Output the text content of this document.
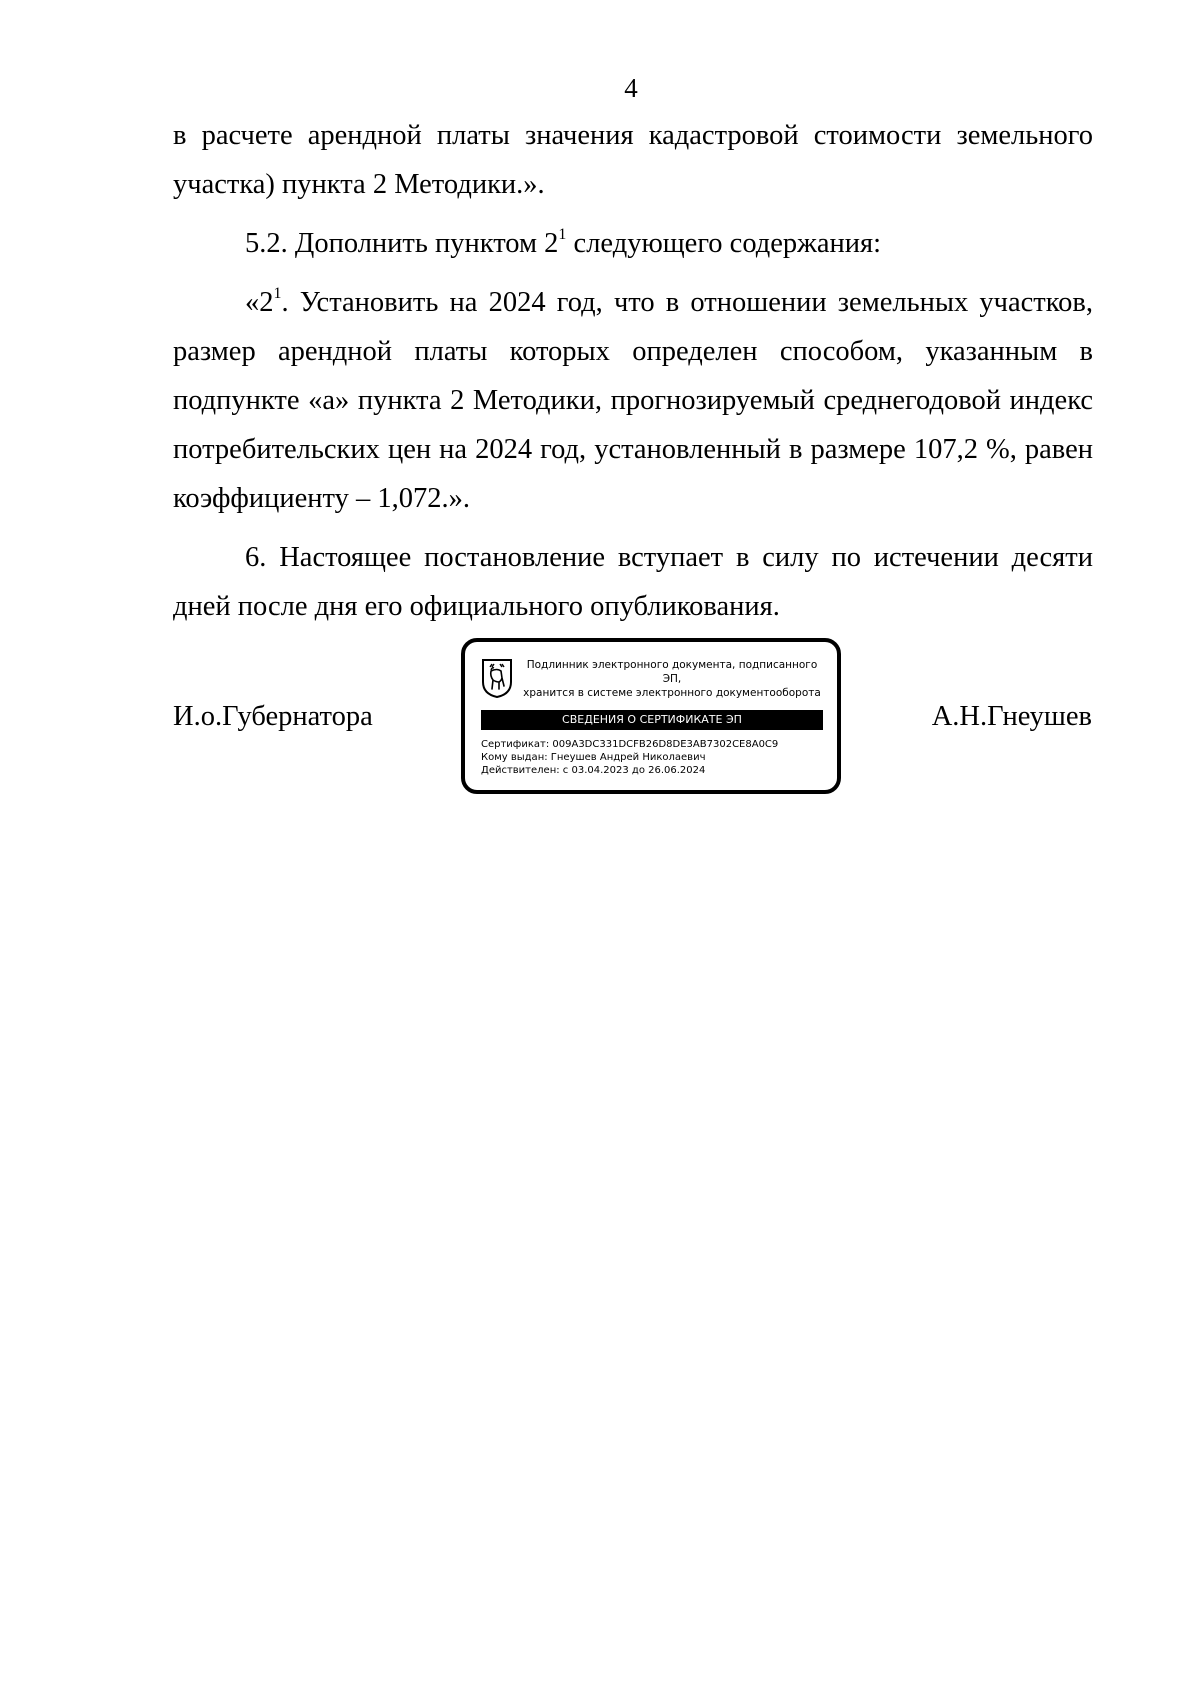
4

в расчете арендной платы значения кадастровой стоимости земельного участка) пункта 2 Методики.».

5.2. Дополнить пунктом $2^1$ следующего содержания:

«$2^1$. Установить на 2024 год, что в отношении земельных участков, размер арендной платы которых определен способом, указанным в подпункте «а» пункта 2 Методики, прогнозируемый среднегодовой индекс потребительских цен на 2024 год, установленный в размере 107,2 %, равен коэффициенту – 1,072.».

6. Настоящее постановление вступает в силу по истечении десяти дней после дня его официального опубликования.

И.о.Губернатора
Подлинник электронного документа, подписанного ЭП,
хранится в системе электронного документооборота
СВЕДЕНИЯ О СЕРТИФИКАТЕ ЭП
Сертификат: 009A3DC331DCFB26D8DE3AB7302CE8A0C9
Кому выдан: Гнеушев Андрей Николаевич
Действителен: с 03.04.2023 до 26.06.2024
А.Н.Гнеушев
